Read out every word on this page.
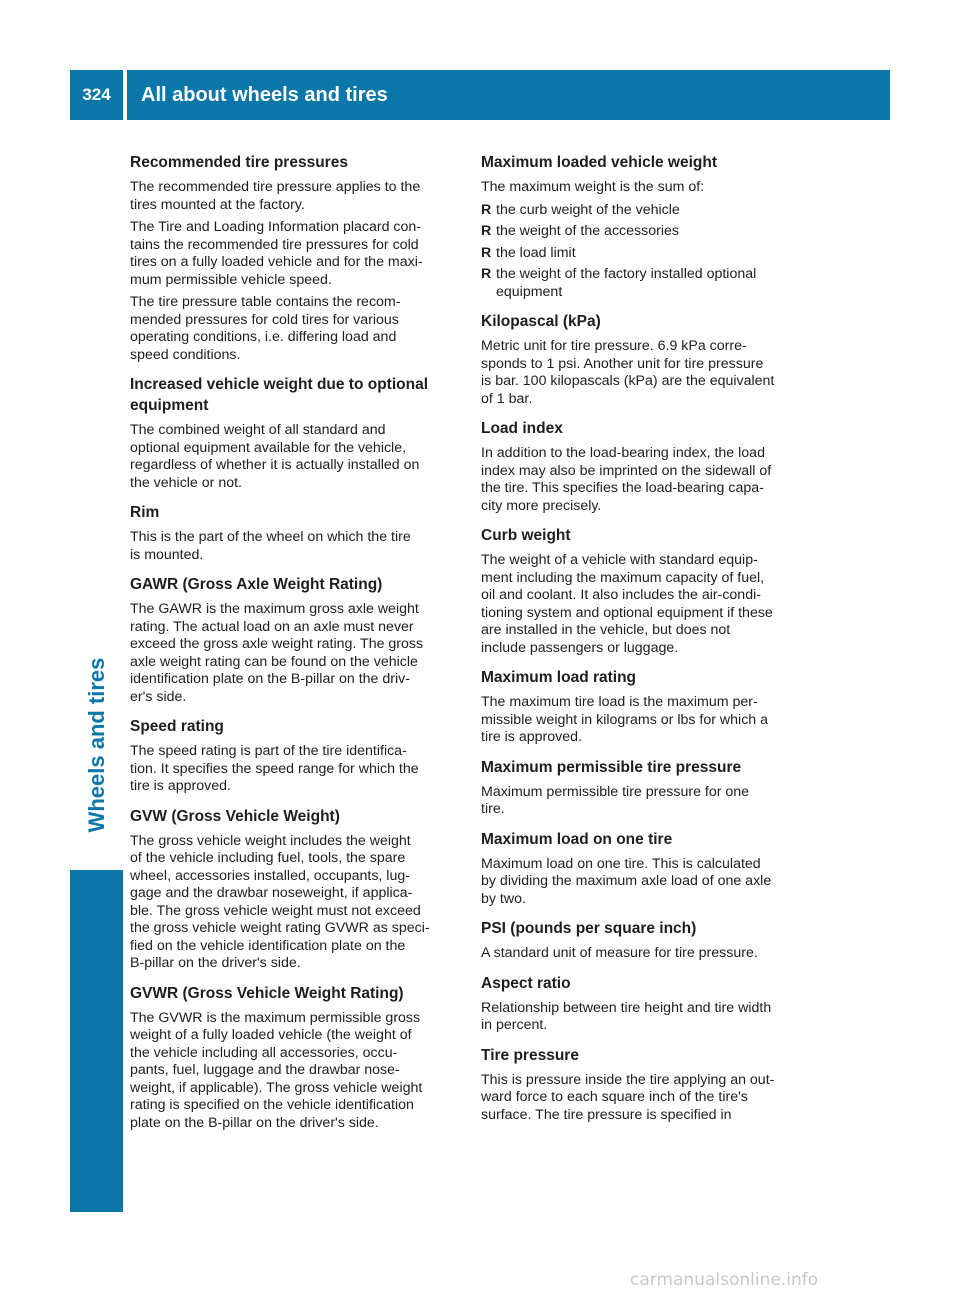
324	All about wheels and tires
Wheels and tires
Recommended tire pressures

The recommended tire pressure applies to the
tires mounted at the factory.

The Tire and Loading Information placard con-
tains the recommended tire pressures for cold
tires on a fully loaded vehicle and for the maxi-
mum permissible vehicle speed.

The tire pressure table contains the recom-
mended pressures for cold tires for various
operating conditions, i.e. differing load and
speed conditions.

Increased vehicle weight due to optional equipment

The combined weight of all standard and
optional equipment available for the vehicle,
regardless of whether it is actually installed on
the vehicle or not.

Rim

This is the part of the wheel on which the tire
is mounted.

GAWR (Gross Axle Weight Rating)

The GAWR is the maximum gross axle weight
rating. The actual load on an axle must never
exceed the gross axle weight rating. The gross
axle weight rating can be found on the vehicle
identification plate on the B-pillar on the driv-
er's side.

Speed rating

The speed rating is part of the tire identifica-
tion. It specifies the speed range for which the
tire is approved.

GVW (Gross Vehicle Weight)

The gross vehicle weight includes the weight
of the vehicle including fuel, tools, the spare
wheel, accessories installed, occupants, lug-
gage and the drawbar noseweight, if applica-
ble. The gross vehicle weight must not exceed
the gross vehicle weight rating GVWR as speci-
fied on the vehicle identification plate on the
B-pillar on the driver's side.

GVWR (Gross Vehicle Weight Rating)

The GVWR is the maximum permissible gross
weight of a fully loaded vehicle (the weight of
the vehicle including all accessories, occu-
pants, fuel, luggage and the drawbar nose-
weight, if applicable). The gross vehicle weight
rating is specified on the vehicle identification
plate on the B-pillar on the driver's side.

Maximum loaded vehicle weight

The maximum weight is the sum of:

R the curb weight of the vehicle
R the weight of the accessories
R the load limit
R the weight of the factory installed optional
equipment
Kilopascal (kPa)

Metric unit for tire pressure. 6.9 kPa corre-
sponds to 1 psi. Another unit for tire pressure
is bar. 100 kilopascals (kPa) are the equivalent
of 1 bar.

Load index

In addition to the load-bearing index, the load
index may also be imprinted on the sidewall of
the tire. This specifies the load-bearing capa-
city more precisely.

Curb weight

The weight of a vehicle with standard equip-
ment including the maximum capacity of fuel,
oil and coolant. It also includes the air-condi-
tioning system and optional equipment if these
are installed in the vehicle, but does not
include passengers or luggage.

Maximum load rating

The maximum tire load is the maximum per-
missible weight in kilograms or lbs for which a
tire is approved.

Maximum permissible tire pressure

Maximum permissible tire pressure for one
tire.

Maximum load on one tire

Maximum load on one tire. This is calculated
by dividing the maximum axle load of one axle
by two.

PSI (pounds per square inch)

A standard unit of measure for tire pressure.

Aspect ratio

Relationship between tire height and tire width
in percent.

Tire pressure

This is pressure inside the tire applying an out-
ward force to each square inch of the tire's
surface. The tire pressure is specified in

carmanualsonline.info
